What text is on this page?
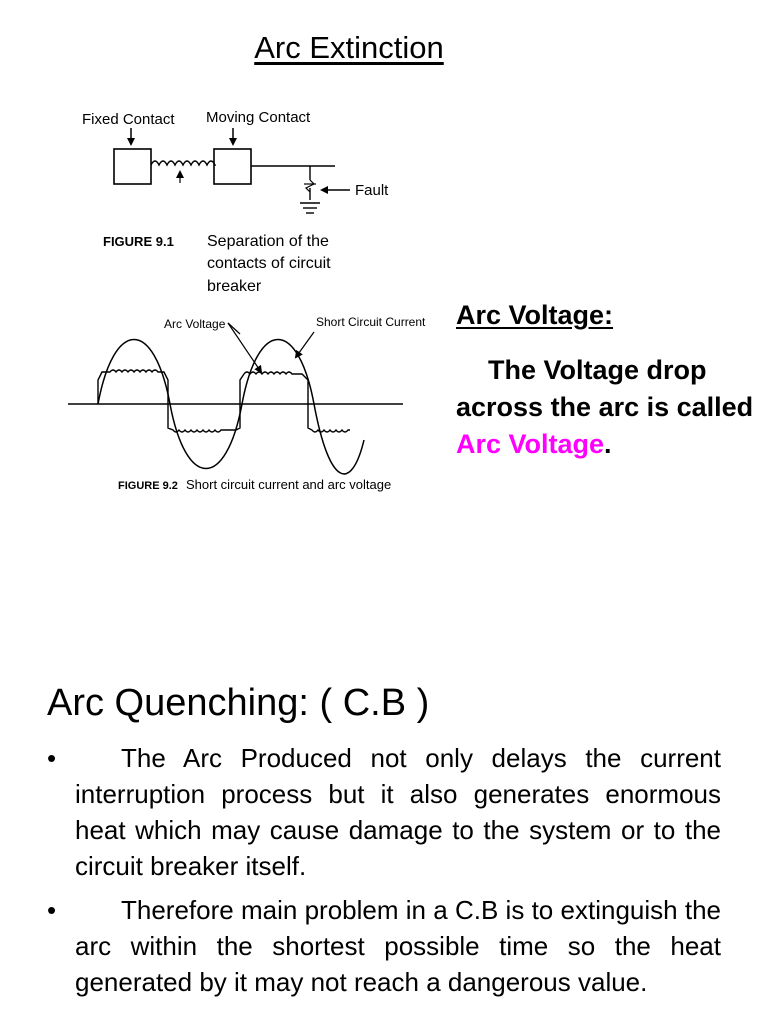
Arc Extinction
Fixed Contact Moving Contact
Fault
FIGURE 9.1 Separation of the
contacts of circuit
breaker
Arc Voltage	Short Circuit Current
FIGURE 9.2 Short circuit current and arc voltage
Arc Voltage:

The Voltage drop across the arc is called Arc Voltage.

Arc Quenching: ( C.B )
•	The Arc Produced not only delays the current interruption process but it also generates enormous heat which may cause damage to the system or to the circuit breaker itself.

•	Therefore main problem in a C.B is to extinguish the arc within the shortest possible time so the heat generated by it may not reach a dangerous value.
